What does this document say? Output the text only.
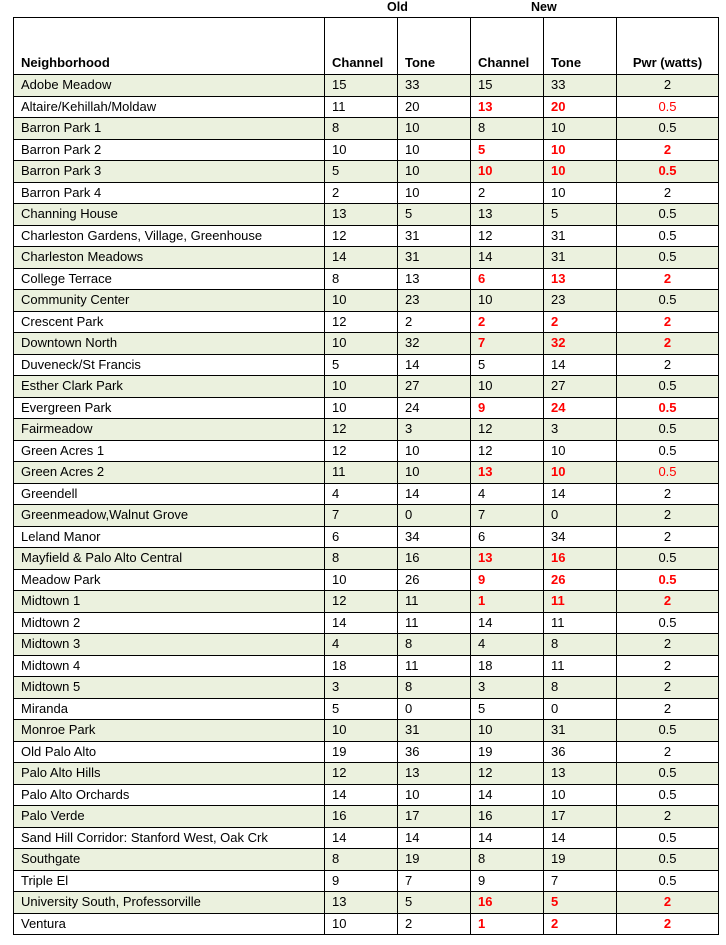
Old	New
Neighborhood	Channel	Tone	Channel	Tone	Pwr (watts)
Adobe Meadow	15	33	15	33	2
Altaire/Kehillah/Moldaw	11	20	13	20	0.5
Barron Park 1	8	10	8	10	0.5
Barron Park 2	10	10	5	10	2
Barron Park 3	5	10	10	10	0.5
Barron Park 4	2	10	2	10	2
Channing House	13	5	13	5	0.5
Charleston Gardens, Village, Greenhouse	12	31	12	31	0.5
Charleston Meadows	14	31	14	31	0.5
College Terrace	8	13	6	13	2
Community Center	10	23	10	23	0.5
Crescent Park	12	2	2	2	2
Downtown North	10	32	7	32	2
Duveneck/St Francis	5	14	5	14	2
Esther Clark Park	10	27	10	27	0.5
Evergreen Park	10	24	9	24	0.5
Fairmeadow	12	3	12	3	0.5
Green Acres 1	12	10	12	10	0.5
Green Acres 2	11	10	13	10	0.5
Greendell	4	14	4	14	2
Greenmeadow,Walnut Grove	7	0	7	0	2
Leland Manor	6	34	6	34	2
Mayfield & Palo Alto Central	8	16	13	16	0.5
Meadow Park	10	26	9	26	0.5
Midtown 1	12	11	1	11	2
Midtown 2	14	11	14	11	0.5
Midtown 3	4	8	4	8	2
Midtown 4	18	11	18	11	2
Midtown 5	3	8	3	8	2
Miranda	5	0	5	0	2
Monroe Park	10	31	10	31	0.5
Old Palo Alto	19	36	19	36	2
Palo Alto Hills	12	13	12	13	0.5
Palo Alto Orchards	14	10	14	10	0.5
Palo Verde	16	17	16	17	2
Sand Hill Corridor: Stanford West, Oak Crk	14	14	14	14	0.5
Southgate	8	19	8	19	0.5
Triple El	9	7	9	7	0.5
University South, Professorville	13	5	16	5	2
Ventura	10	2	1	2	2
